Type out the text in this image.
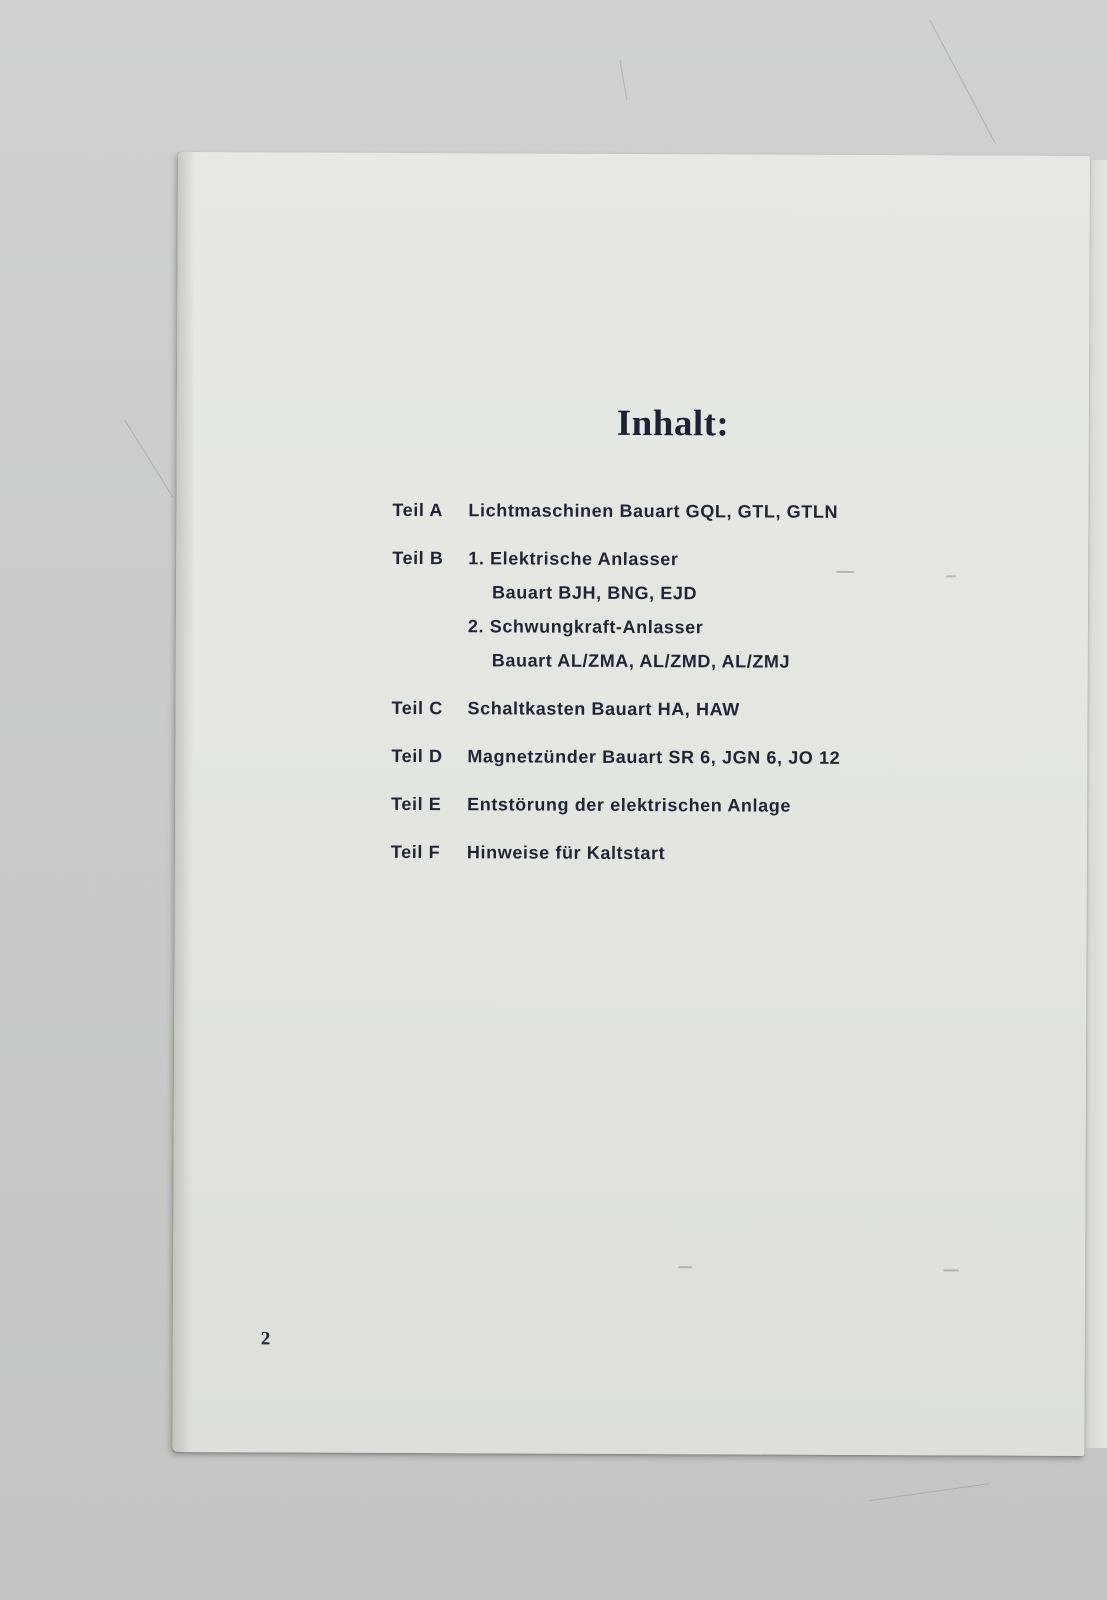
Inhalt:
Teil A	Lichtmaschinen Bauart GQL, GTL, GTLN
Teil B	1. Elektrische Anlasser
Bauart BJH, BNG, EJD
2. Schwungkraft-Anlasser
Bauart AL/ZMA, AL/ZMD, AL/ZMJ
Teil C	Schaltkasten Bauart HA, HAW
Teil D	Magnetzünder Bauart SR 6, JGN 6, JO 12
Teil E	Entstörung der elektrischen Anlage
Teil F	Hinweise für Kaltstart
2
